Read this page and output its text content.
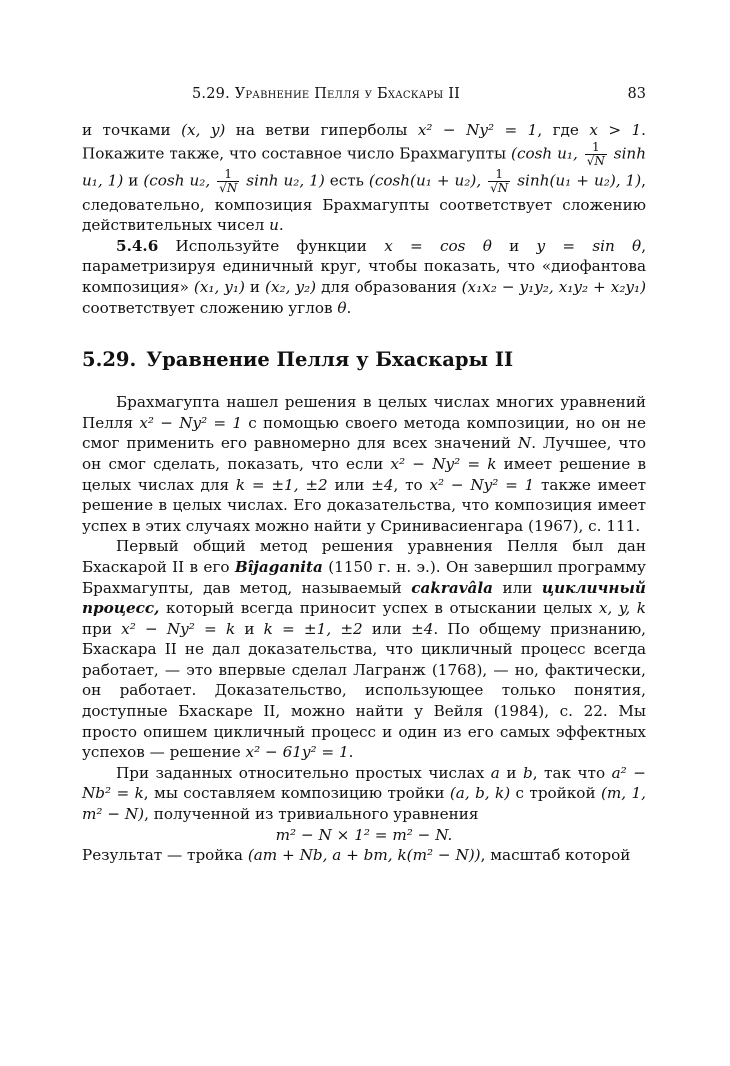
5.29. Уравнение Пелля у Бхаскары II	83

и точками (x, y) на ветви гиперболы x² − Ny² = 1, где x > 1. Покажите также, что составное число Брахмагупты (cosh u₁, $\frac{1}{√N}$ sinh u₁, 1) и (cosh u₂, $\frac{1}{√N}$ sinh u₂, 1) есть (cosh(u₁ + u₂), $\frac{1}{√N} \sinh(u_1 + u_2)$, 1), следовательно, композиция Брахмагупты соответствует сложению действительных чисел u.

5.4.6 Используйте функции x = cos θ и y = sin θ, параметризируя единичный круг, чтобы показать, что «диофантова композиция» (x₁, y₁) и (x₂, y₂) для образования (x₁x₂ − y₁y₂, x₁y₂ + x₂y₁) соответствует сложению углов θ.

5.29. Уравнение Пелля у Бхаскары II

Брахмагупта нашел решения в целых числах многих уравнений Пелля x² − Ny² = 1 с помощью своего метода композиции, но он не смог применить его равномерно для всех значений N. Лучшее, что он смог сделать, показать, что если x² − Ny² = k имеет решение в целых числах для k = ±1, ±2 или ±4, то x² − Ny² = 1 также имеет решение в целых числах. Его доказательства, что композиция имеет успех в этих случаях можно найти у Сринивасиенгара (1967), с. 111.

Первый общий метод решения уравнения Пелля был дан Бхаскарой II в его Bîjaganita (1150 г. н. э.). Он завершил программу Брахмагупты, дав метод, называемый cakravâla или цикличный процесс, который всегда приносит успех в отыскании целых x, y, k при x² − Ny² = k и k = ±1, ±2 или ±4. По общему признанию, Бхаскара II не дал доказательства, что цикличный процесс всегда работает, — это впервые сделал Лагранж (1768), — но, фактически, он работает. Доказательство, использующее только понятия, доступные Бхаскаре II, можно найти у Вейля (1984), с. 22. Мы просто опишем цикличный процесс и один из его самых эффектных успехов — решение x² − 61y² = 1.

При заданных относительно простых числах a и b, так что a² − Nb² = k, мы составляем композицию тройки (a, b, k) с тройкой (m, 1, m² − N), полученной из тривиального уравнения

m² − N × 1² = m² − N.

Результат — тройка (am + Nb, a + bm, k(m² − N)), масштаб которой
